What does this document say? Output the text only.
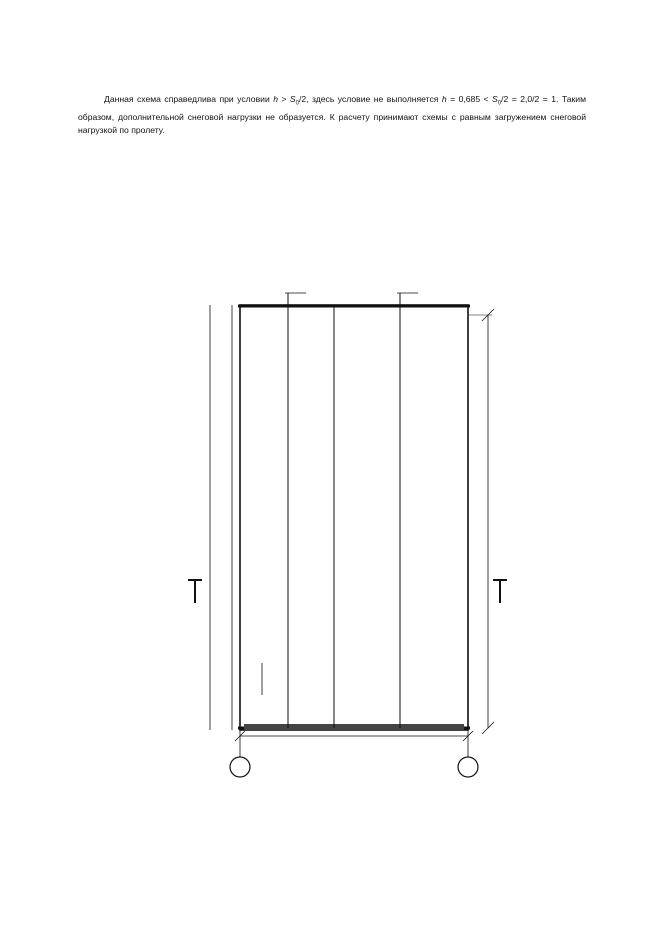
Данная схема справедлива при условии $h > S_0/2$, здесь условие не выполняется $h = 0,685 < S_0/2 = 2,0/2 = 1$. Таким образом, дополнительной снеговой нагрузки не образуется. К расчету принимают схемы с равным загружением снеговой нагрузкой по пролету.
